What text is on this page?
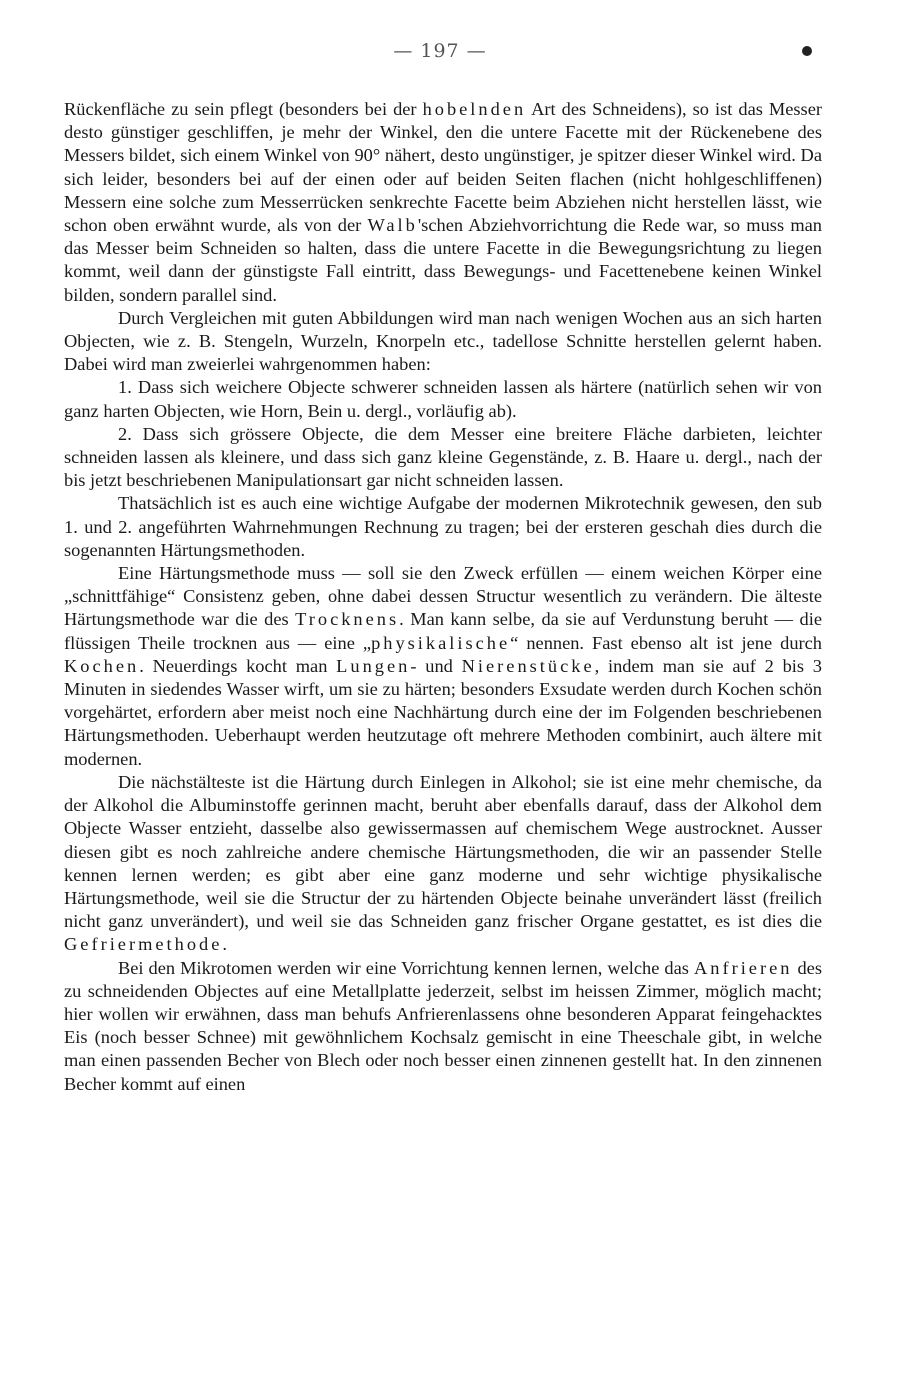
— 197 —

Rückenfläche zu sein pflegt (besonders bei der hobelnden Art des Schneidens), so ist das Messer desto günstiger geschliffen, je mehr der Winkel, den die untere Facette mit der Rückenebene des Messers bildet, sich einem Winkel von 90° nähert, desto ungünstiger, je spitzer dieser Winkel wird. Da sich leider, besonders bei auf der einen oder auf beiden Seiten flachen (nicht hohlgeschliffenen) Messern eine solche zum Messerrücken senkrechte Facette beim Abziehen nicht herstellen lässt, wie schon oben erwähnt wurde, als von der Walb'schen Abziehvorrichtung die Rede war, so muss man das Messer beim Schneiden so halten, dass die untere Facette in die Bewegungsrichtung zu liegen kommt, weil dann der günstigste Fall eintritt, dass Bewegungs- und Facettenebene keinen Winkel bilden, sondern parallel sind.

Durch Vergleichen mit guten Abbildungen wird man nach wenigen Wochen aus an sich harten Objecten, wie z. B. Stengeln, Wurzeln, Knorpeln etc., tadellose Schnitte herstellen gelernt haben. Dabei wird man zweierlei wahrgenommen haben:

1. Dass sich weichere Objecte schwerer schneiden lassen als härtere (natürlich sehen wir von ganz harten Objecten, wie Horn, Bein u. dergl., vorläufig ab).

2. Dass sich grössere Objecte, die dem Messer eine breitere Fläche darbieten, leichter schneiden lassen als kleinere, und dass sich ganz kleine Gegenstände, z. B. Haare u. dergl., nach der bis jetzt beschriebenen Manipulationsart gar nicht schneiden lassen.

Thatsächlich ist es auch eine wichtige Aufgabe der modernen Mikrotechnik gewesen, den sub 1. und 2. angeführten Wahrnehmungen Rechnung zu tragen; bei der ersteren geschah dies durch die sogenannten Härtungsmethoden.

Eine Härtungsmethode muss — soll sie den Zweck erfüllen — einem weichen Körper eine „schnittfähige“ Consistenz geben, ohne dabei dessen Structur wesentlich zu verändern. Die älteste Härtungsmethode war die des Trocknens. Man kann selbe, da sie auf Verdunstung beruht — die flüssigen Theile trocknen aus — eine „physikalische“ nennen. Fast ebenso alt ist jene durch Kochen. Neuerdings kocht man Lungen- und Nierenstücke, indem man sie auf 2 bis 3 Minuten in siedendes Wasser wirft, um sie zu härten; besonders Exsudate werden durch Kochen schön vorgehärtet, erfordern aber meist noch eine Nachhärtung durch eine der im Folgenden beschriebenen Härtungsmethoden. Ueberhaupt werden heutzutage oft mehrere Methoden combinirt, auch ältere mit modernen.

Die nächstälteste ist die Härtung durch Einlegen in Alkohol; sie ist eine mehr chemische, da der Alkohol die Albuminstoffe gerinnen macht, beruht aber ebenfalls darauf, dass der Alkohol dem Objecte Wasser entzieht, dasselbe also gewissermassen auf chemischem Wege austrocknet. Ausser diesen gibt es noch zahlreiche andere chemische Härtungsmethoden, die wir an passender Stelle kennen lernen werden; es gibt aber eine ganz moderne und sehr wichtige physikalische Härtungsmethode, weil sie die Structur der zu härtenden Objecte beinahe unverändert lässt (freilich nicht ganz unverändert), und weil sie das Schneiden ganz frischer Organe gestattet, es ist dies die Gefriermethode.

Bei den Mikrotomen werden wir eine Vorrichtung kennen lernen, welche das Anfrieren des zu schneidenden Objectes auf eine Metallplatte jederzeit, selbst im heissen Zimmer, möglich macht; hier wollen wir erwähnen, dass man behufs Anfrierenlassens ohne besonderen Apparat feingehacktes Eis (noch besser Schnee) mit gewöhnlichem Kochsalz gemischt in eine Theeschale gibt, in welche man einen passenden Becher von Blech oder noch besser einen zinnenen gestellt hat. In den zinnenen Becher kommt auf einen
